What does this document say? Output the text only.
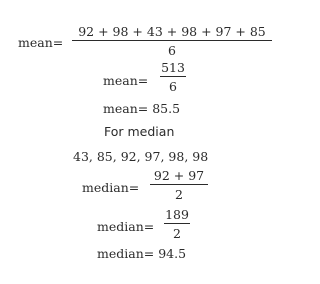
mean=
92 + 98 + 43 + 98 + 97 + 85
6
mean=
513
6
mean= 85.5
For median
43, 85, 92, 97, 98, 98
median=
92 + 97
2
median=
189
2
median= 94.5
